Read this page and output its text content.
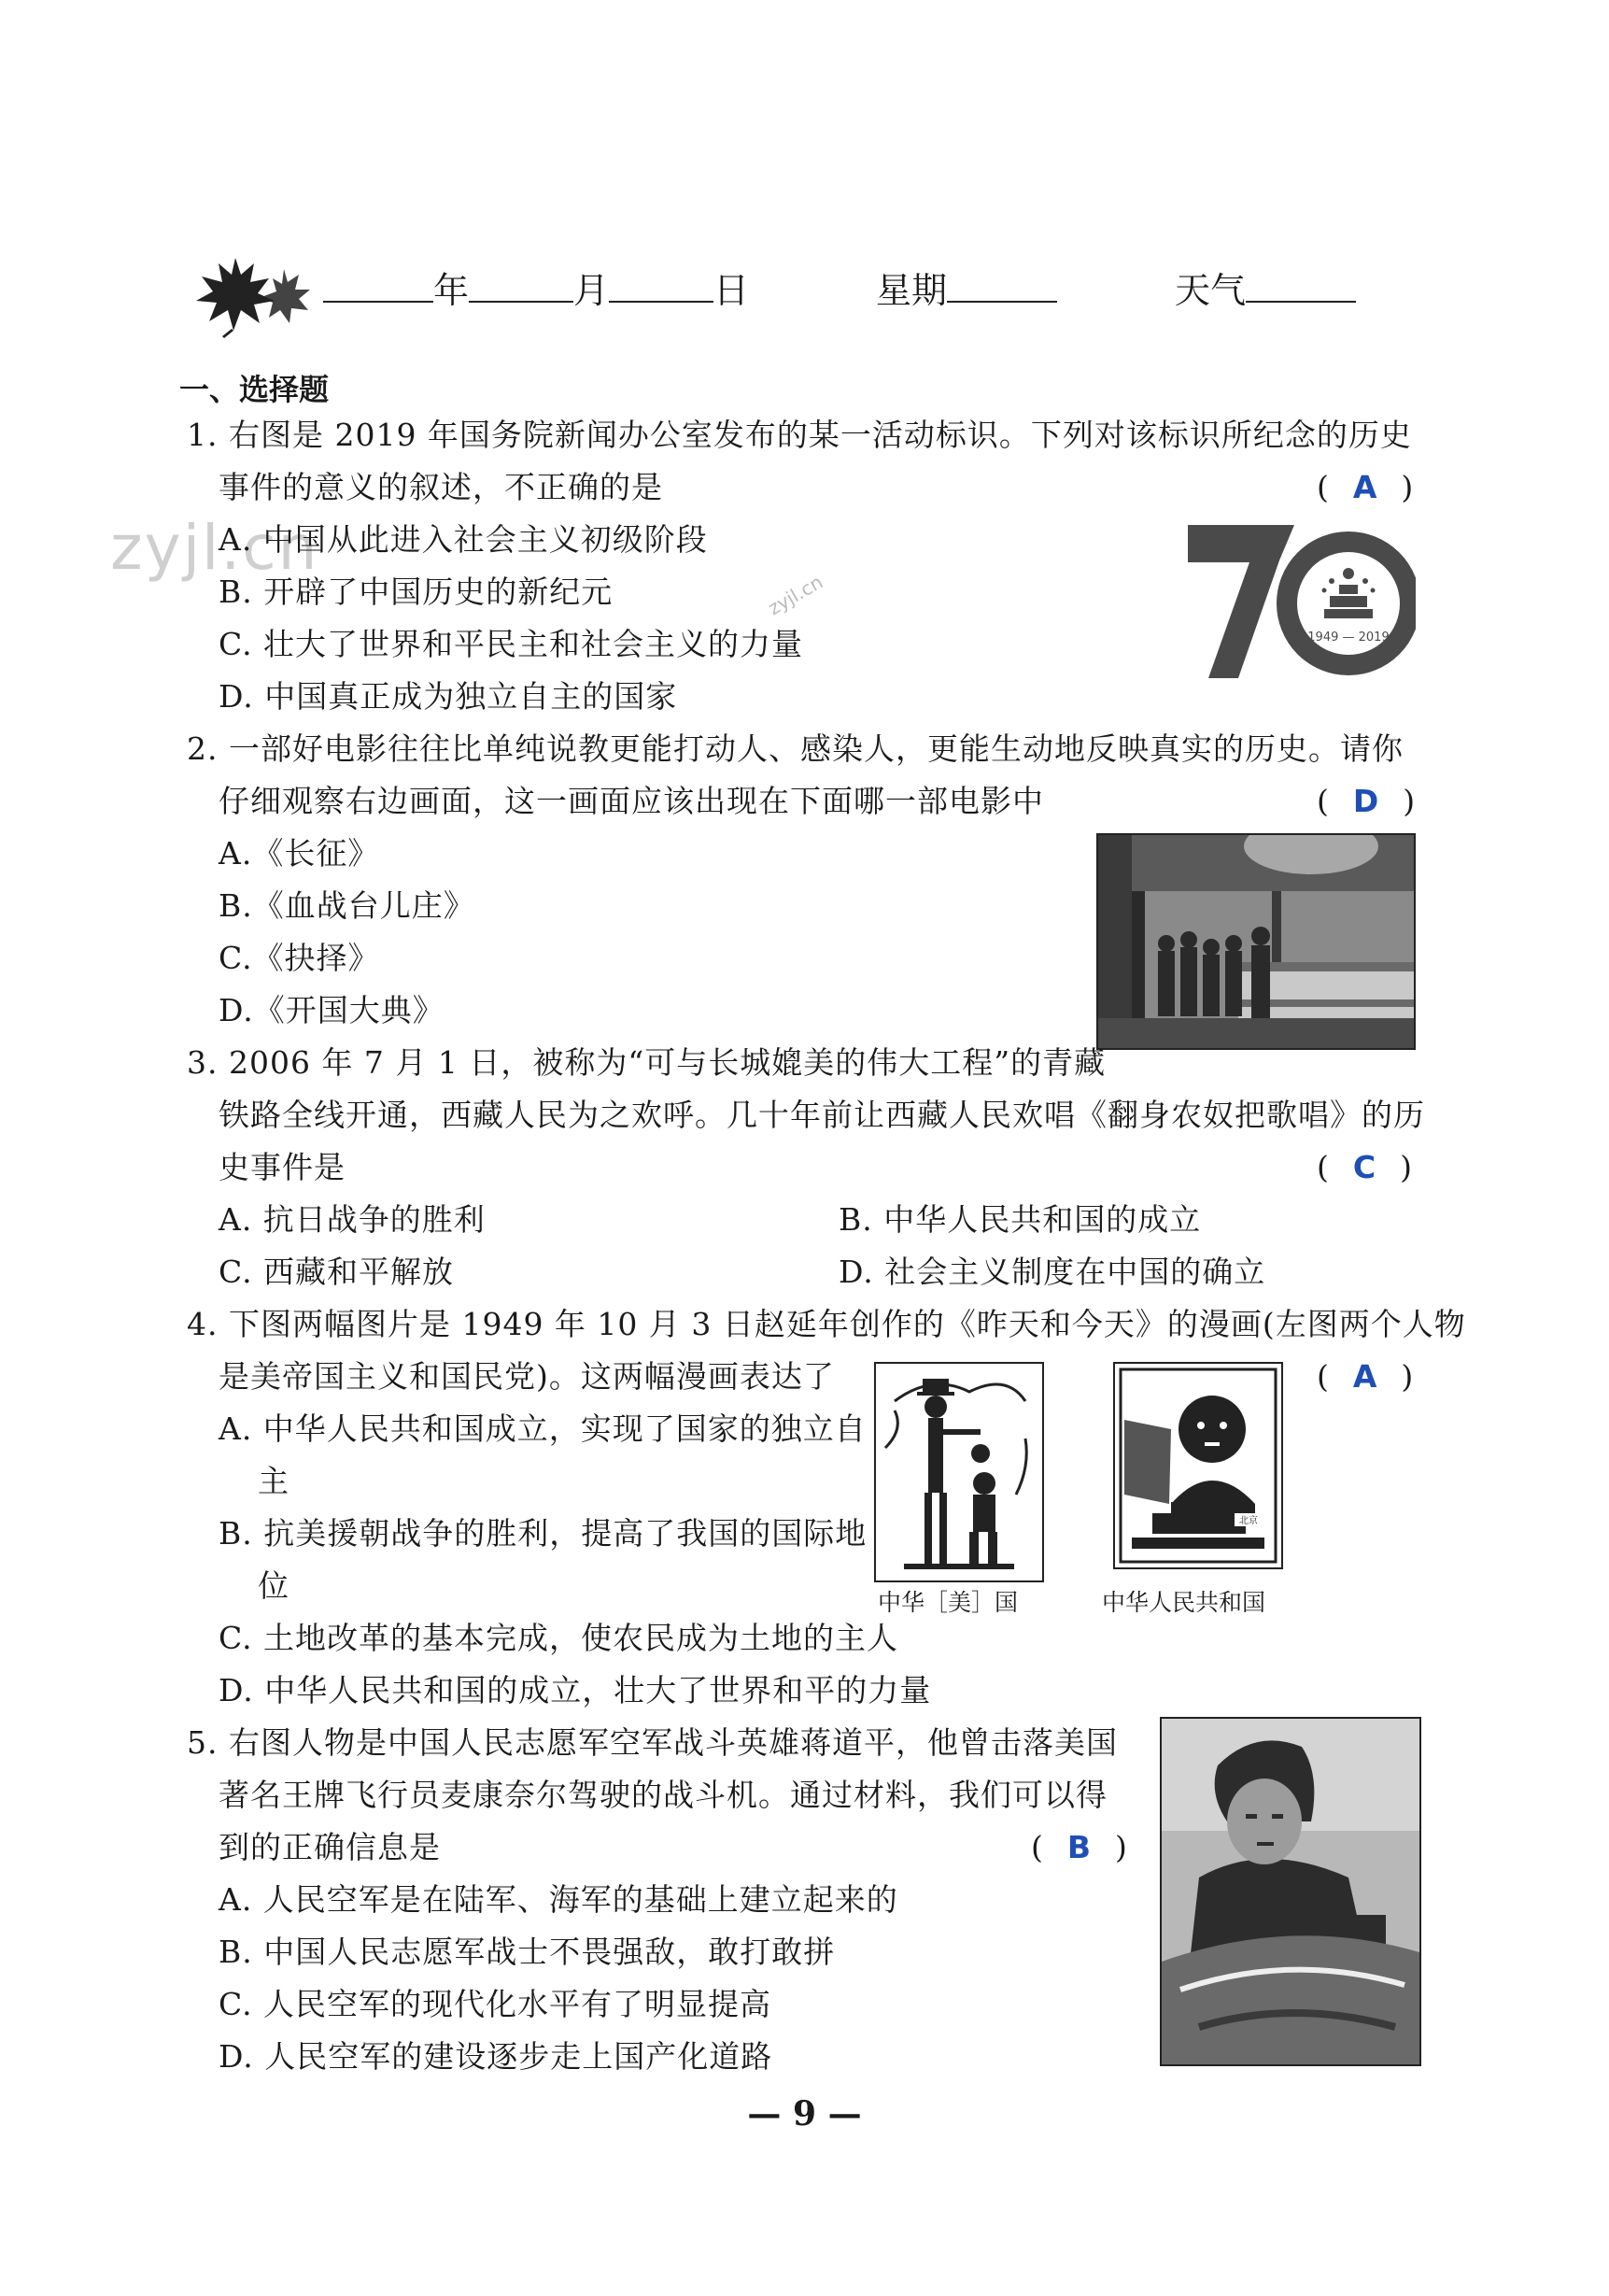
年	月	日	星期	天气
一、选择题
zyjl.cn
zyjl.cn
1. 右图是 2019 年国务院新闻办公室发布的某一活动标识。下列对该标识所纪念的历史
事件的意义的叙述，不正确的是	( A )
A. 中国从此进入社会主义初级阶段
B. 开辟了中国历史的新纪元
C. 壮大了世界和平民主和社会主义的力量
D. 中国真正成为独立自主的国家
1949 — 2019
2. 一部好电影往往比单纯说教更能打动人、感染人，更能生动地反映真实的历史。请你
仔细观察右边画面，这一画面应该出现在下面哪一部电影中	( D )
A.《长征》
B.《血战台儿庄》
C.《抉择》
D.《开国大典》
3. 2006 年 7 月 1 日，被称为“可与长城媲美的伟大工程”的青藏
铁路全线开通，西藏人民为之欢呼。几十年前让西藏人民欢唱《翻身农奴把歌唱》的历
史事件是	( C )
A. 抗日战争的胜利	B. 中华人民共和国的成立
C. 西藏和平解放	D. 社会主义制度在中国的确立
4. 下图两幅图片是 1949 年 10 月 3 日赵延年创作的《昨天和今天》的漫画(左图两个人物
是美帝国主义和国民党)。这两幅漫画表达了	( A )
A. 中华人民共和国成立，实现了国家的独立自
主
B. 抗美援朝战争的胜利，提高了我国的国际地
位
C. 土地改革的基本完成，使农民成为土地的主人
D. 中华人民共和国的成立，壮大了世界和平的力量
中华［美］国
北京
中华人民共和国
5. 右图人物是中国人民志愿军空军战斗英雄蒋道平，他曾击落美国
著名王牌飞行员麦康奈尔驾驶的战斗机。通过材料，我们可以得
到的正确信息是	( B )
A. 人民空军是在陆军、海军的基础上建立起来的
B. 中国人民志愿军战士不畏强敌，敢打敢拼
C. 人民空军的现代化水平有了明显提高
D. 人民空军的建设逐步走上国产化道路
— 9 —
